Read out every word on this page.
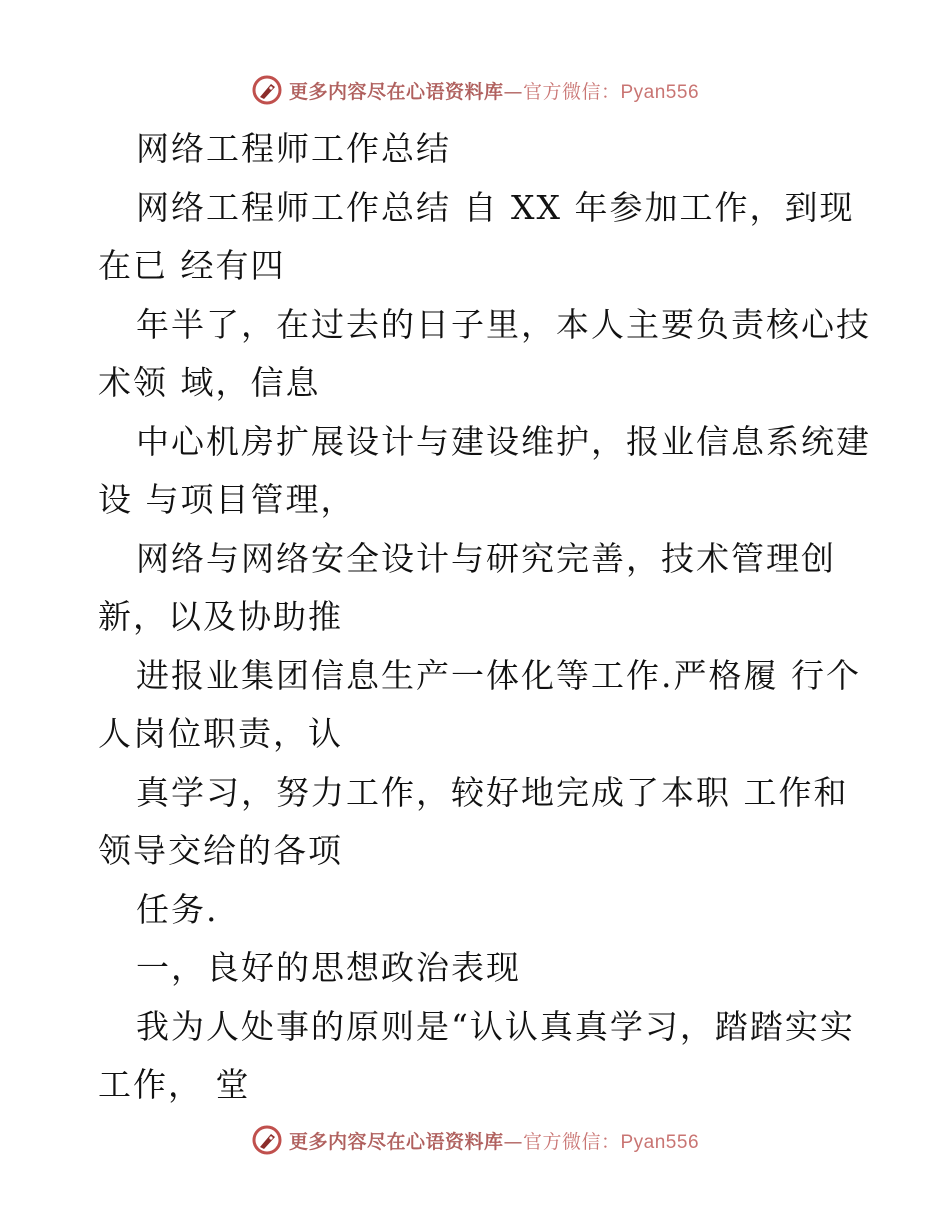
更多内容尽在心语资料库—官方微信：Pyan556
网络工程师工作总结
网络工程师工作总结 自 XX 年参加工作，到现
在已 经有四
年半了，在过去的日子里，本人主要负责核心技
术领 域，信息
中心机房扩展设计与建设维护，报业信息系统建
设 与项目管理，
网络与网络安全设计与研究完善，技术管理创
新，以及协助推
进报业集团信息生产一体化等工作.严格履 行个
人岗位职责，认
真学习，努力工作，较好地完成了本职 工作和
领导交给的各项
任务.
一，良好的思想政治表现
我为人处事的原则是“认认真真学习，踏踏实实
工作， 堂
更多内容尽在心语资料库—官方微信：Pyan556
